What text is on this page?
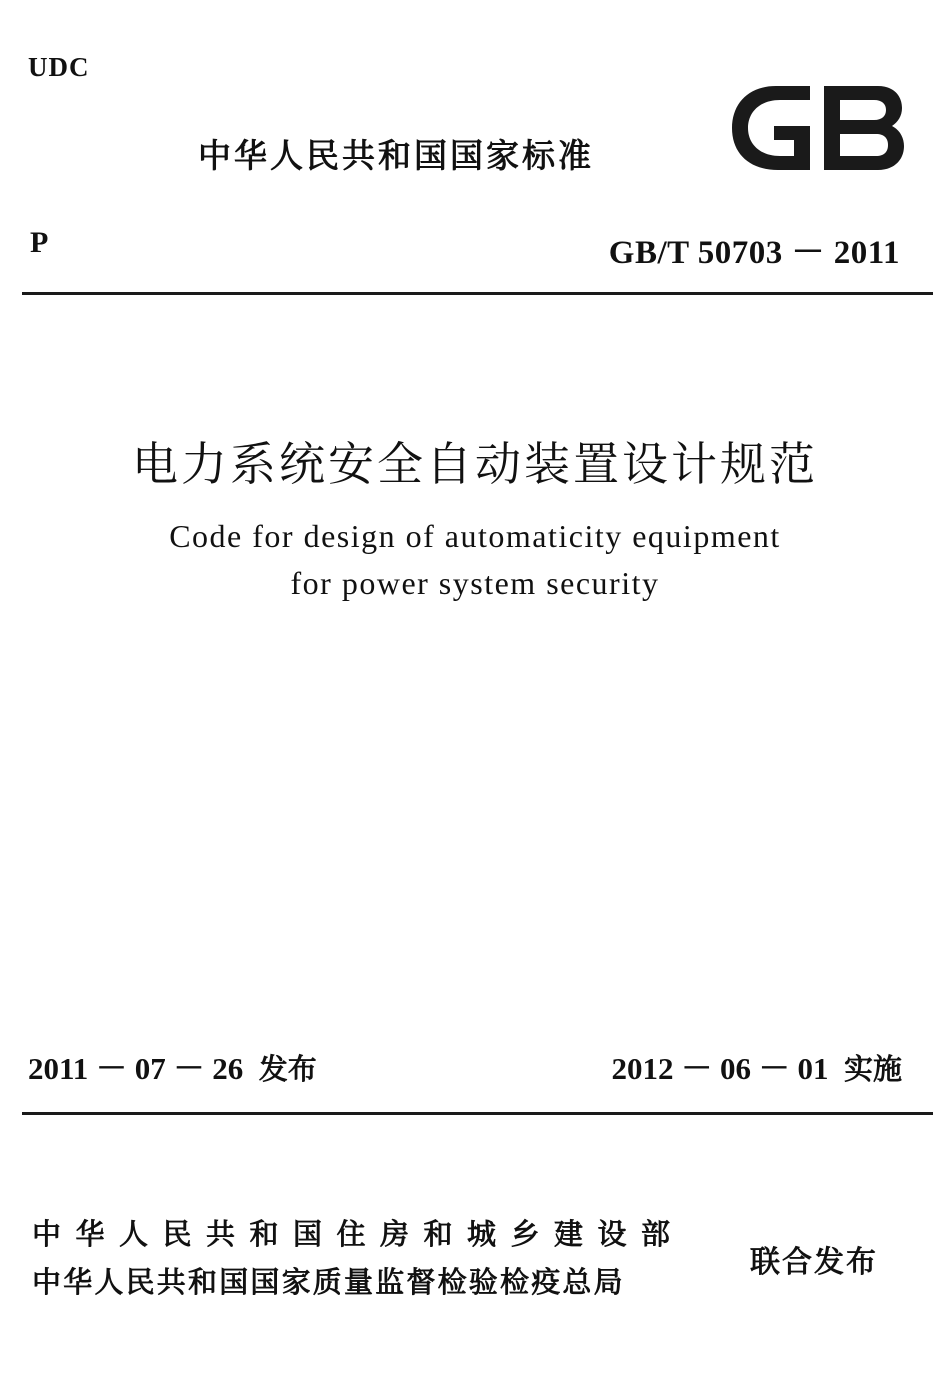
UDC
中华人民共和国国家标准
P	GB/T 50703 － 2011
电力系统安全自动装置设计规范
Code for design of automaticity equipment
for power system security
2011 － 07 － 26 发布	2012 － 06 － 01 实施
中华人民共和国住房和城乡建设部
中华人民共和国国家质量监督检验检疫总局
联合发布
